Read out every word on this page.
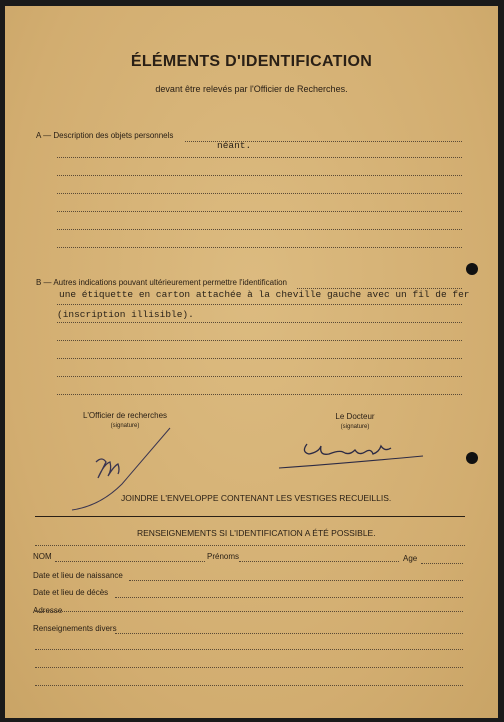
ÉLÉMENTS D'IDENTIFICATION
devant être relevés par l'Officier de Recherches.
A — Description des objets personnels
néant.
B — Autres indications pouvant ultérieurement permettre l'identification
une étiquette en carton attachée à la cheville gauche avec un fil de fer
(inscription illisible).
L'Officier de recherches
(signature)
Le Docteur
(signature)
JOINDRE L'ENVELOPPE CONTENANT LES VESTIGES RECUEILLIS.
RENSEIGNEMENTS SI L'IDENTIFICATION A ÉTÉ POSSIBLE.
NOM	Prénoms	Age
Date et lieu de naissance
Date et lieu de décès
Adresse
Renseignements divers
